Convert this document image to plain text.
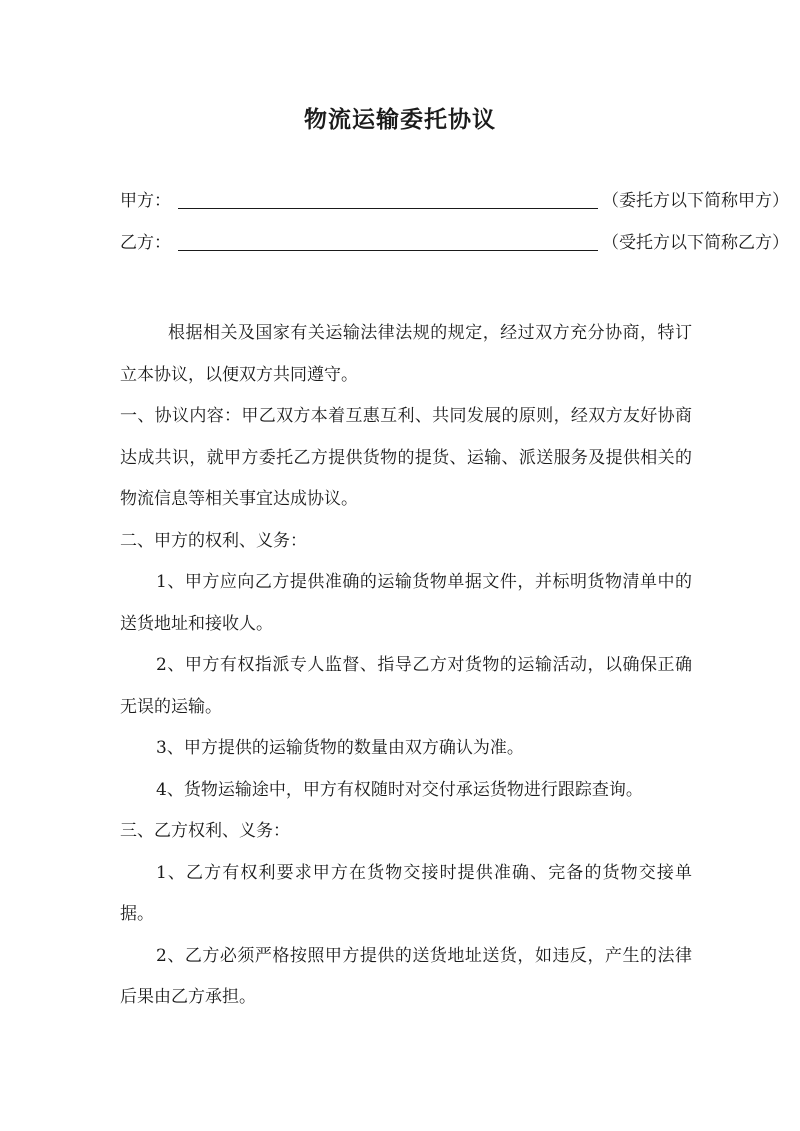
物流运输委托协议
甲方：	（委托方以下简称甲方）
乙方：	（受托方以下简称乙方）

根据相关及国家有关运输法律法规的规定，经过双方充分协商，特订立本协议，以便双方共同遵守。

一、协议内容：甲乙双方本着互惠互利、共同发展的原则，经双方友好协商达成共识，就甲方委托乙方提供货物的提货、运输、派送服务及提供相关的物流信息等相关事宜达成协议。

二、甲方的权利、义务：

1、甲方应向乙方提供准确的运输货物单据文件，并标明货物清单中的送货地址和接收人。

2、甲方有权指派专人监督、指导乙方对货物的运输活动，以确保正确无误的运输。

3、甲方提供的运输货物的数量由双方确认为准。

4、货物运输途中，甲方有权随时对交付承运货物进行跟踪查询。

三、乙方权利、义务：

1、乙方有权利要求甲方在货物交接时提供准确、完备的货物交接单据。

2、乙方必须严格按照甲方提供的送货地址送货，如违反，产生的法律后果由乙方承担。
